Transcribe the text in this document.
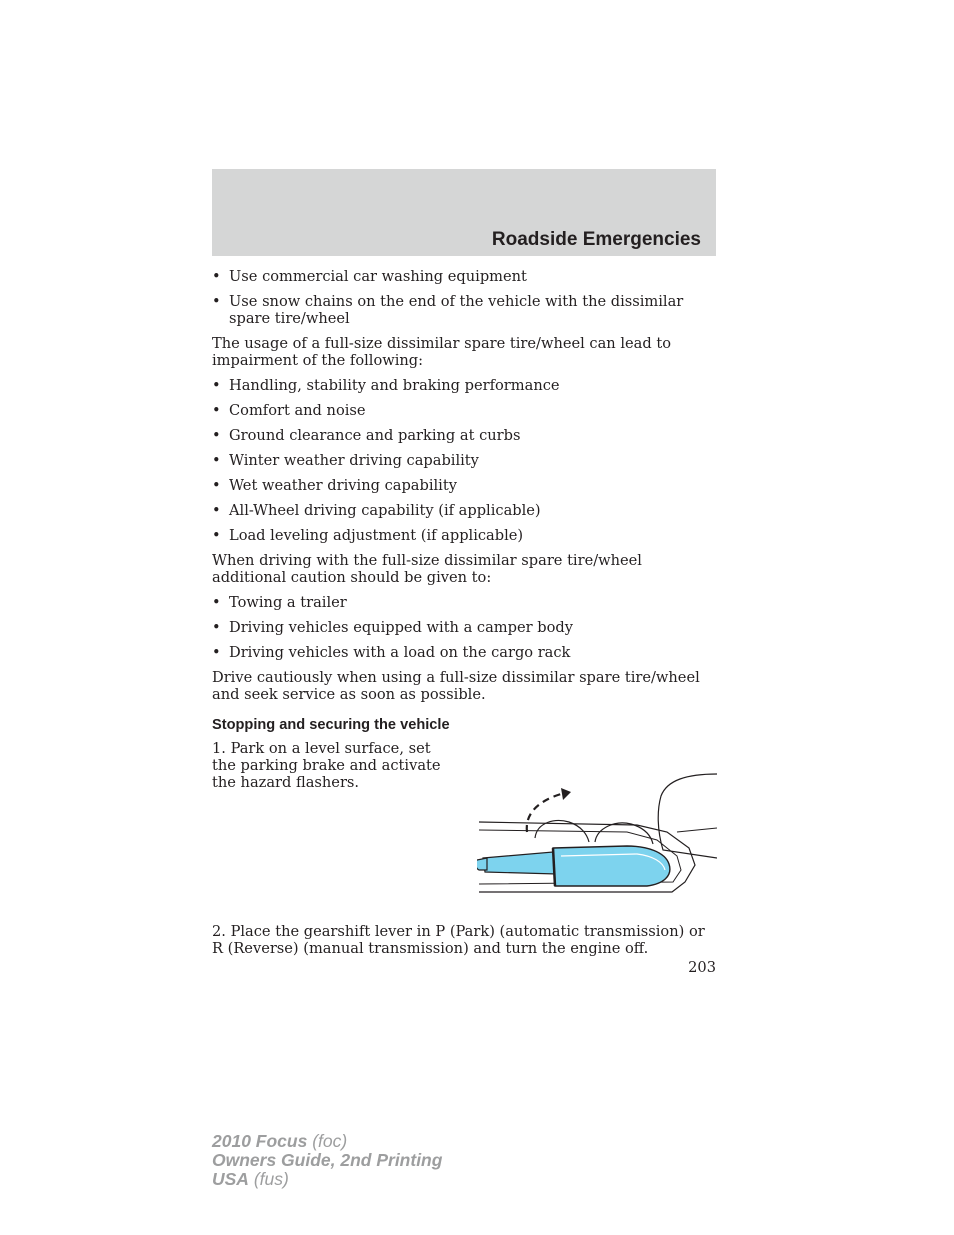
Roadside Emergencies
• Use commercial car washing equipment
• Use snow chains on the end of the vehicle with the dissimilar spare tire/wheel

The usage of a full-size dissimilar spare tire/wheel can lead to impairment of the following:

• Handling, stability and braking performance
• Comfort and noise
• Ground clearance and parking at curbs
• Winter weather driving capability
• Wet weather driving capability
• All-Wheel driving capability (if applicable)
• Load leveling adjustment (if applicable)

When driving with the full-size dissimilar spare tire/wheel additional caution should be given to:

• Towing a trailer
• Driving vehicles equipped with a camper body
• Driving vehicles with a load on the cargo rack

Drive cautiously when using a full-size dissimilar spare tire/wheel and seek service as soon as possible.

Stopping and securing the vehicle

1. Park on a level surface, set the parking brake and activate the hazard flashers.

2. Place the gearshift lever in P (Park) (automatic transmission) or R (Reverse) (manual transmission) and turn the engine off.

203
2010 Focus (foc)
Owners Guide, 2nd Printing
USA (fus)
